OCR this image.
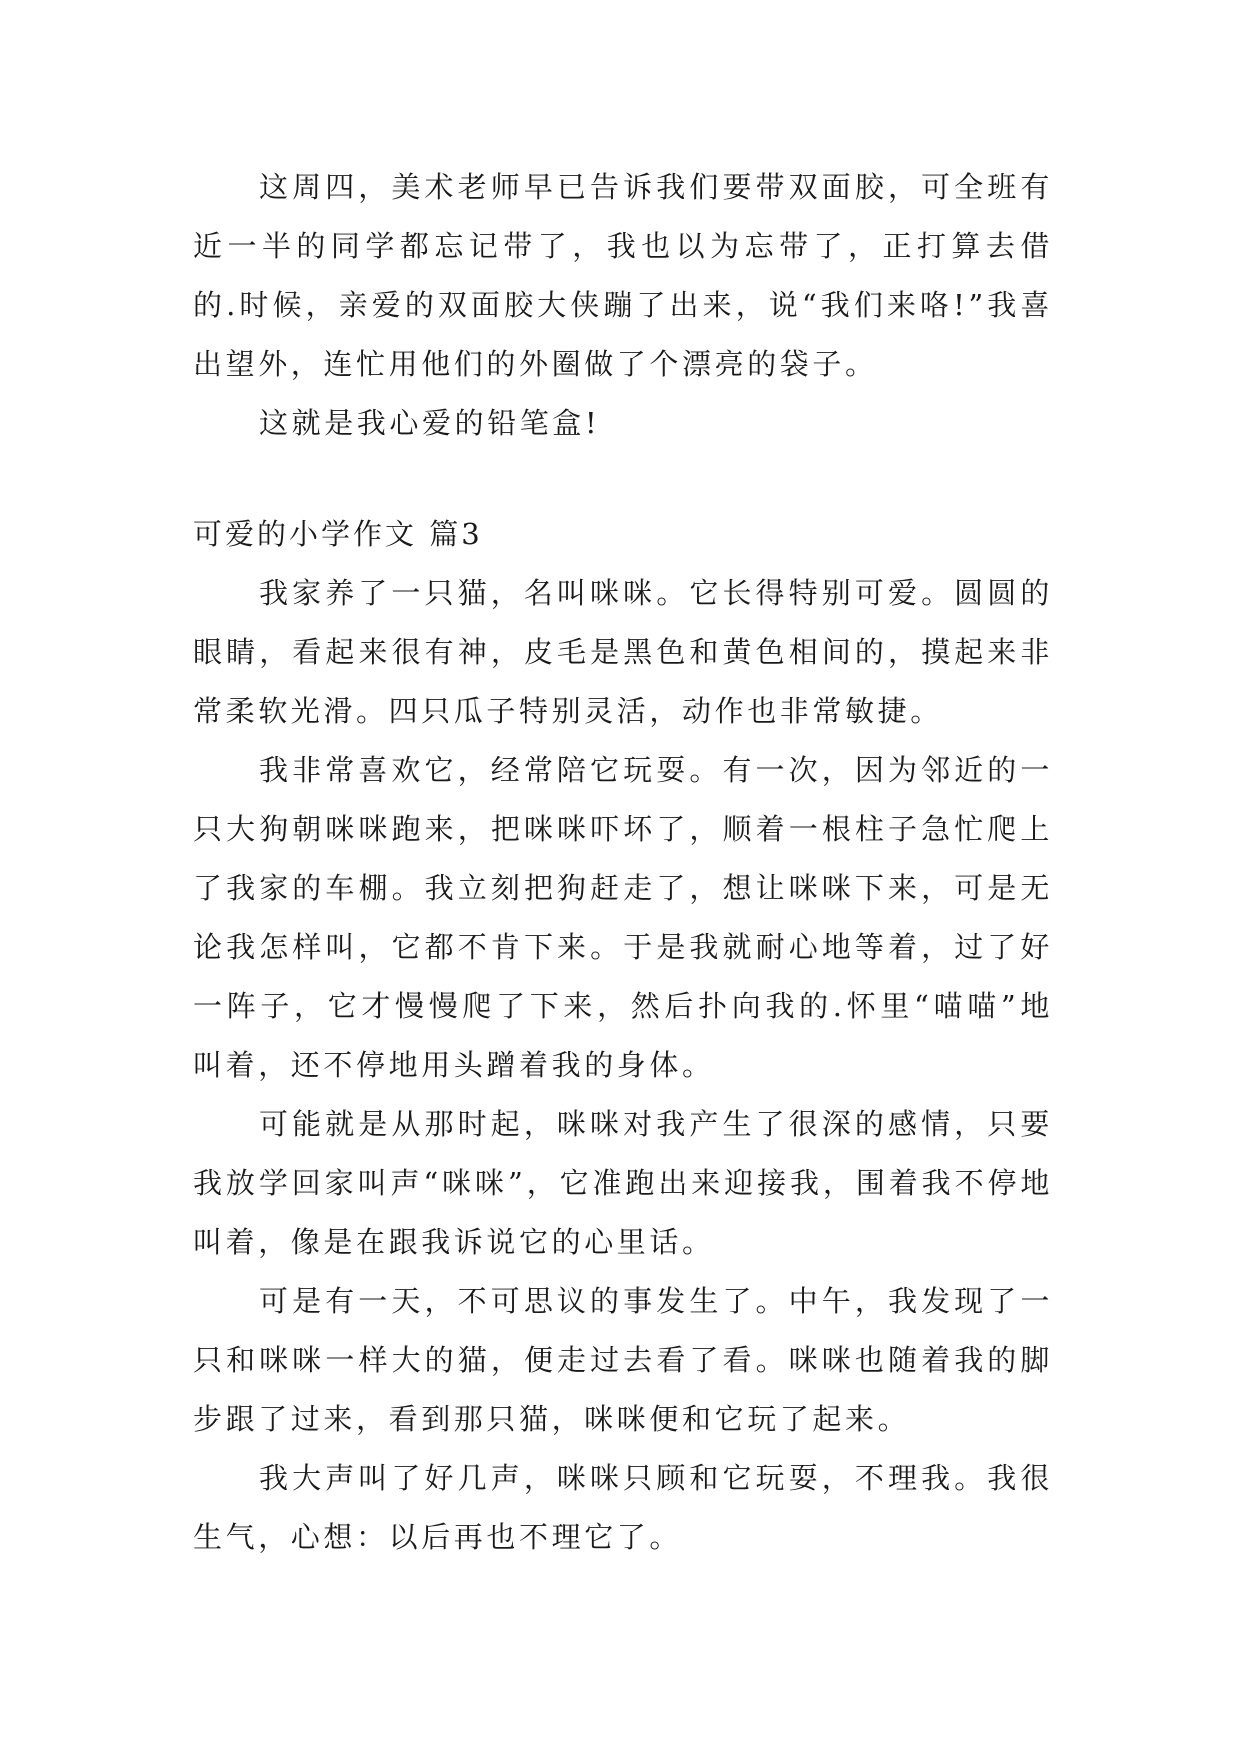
这周四，美术老师早已告诉我们要带双面胶，可全班有近一半的同学都忘记带了，我也以为忘带了，正打算去借的.时候，亲爱的双面胶大侠蹦了出来，说“我们来咯!”我喜出望外，连忙用他们的外圈做了个漂亮的袋子。

这就是我心爱的铅笔盒!

可爱的小学作文 篇3

我家养了一只猫，名叫咪咪。它长得特别可爱。圆圆的眼睛，看起来很有神，皮毛是黑色和黄色相间的，摸起来非常柔软光滑。四只瓜子特别灵活，动作也非常敏捷。

我非常喜欢它，经常陪它玩耍。有一次，因为邻近的一只大狗朝咪咪跑来，把咪咪吓坏了，顺着一根柱子急忙爬上了我家的车棚。我立刻把狗赶走了，想让咪咪下来，可是无论我怎样叫，它都不肯下来。于是我就耐心地等着，过了好一阵子，它才慢慢爬了下来，然后扑向我的.怀里“喵喵”地叫着，还不停地用头蹭着我的身体。

可能就是从那时起，咪咪对我产生了很深的感情，只要我放学回家叫声“咪咪”，它准跑出来迎接我，围着我不停地叫着，像是在跟我诉说它的心里话。

可是有一天，不可思议的事发生了。中午，我发现了一只和咪咪一样大的猫，便走过去看了看。咪咪也随着我的脚步跟了过来，看到那只猫，咪咪便和它玩了起来。

我大声叫了好几声，咪咪只顾和它玩耍，不理我。我很生气，心想：以后再也不理它了。
